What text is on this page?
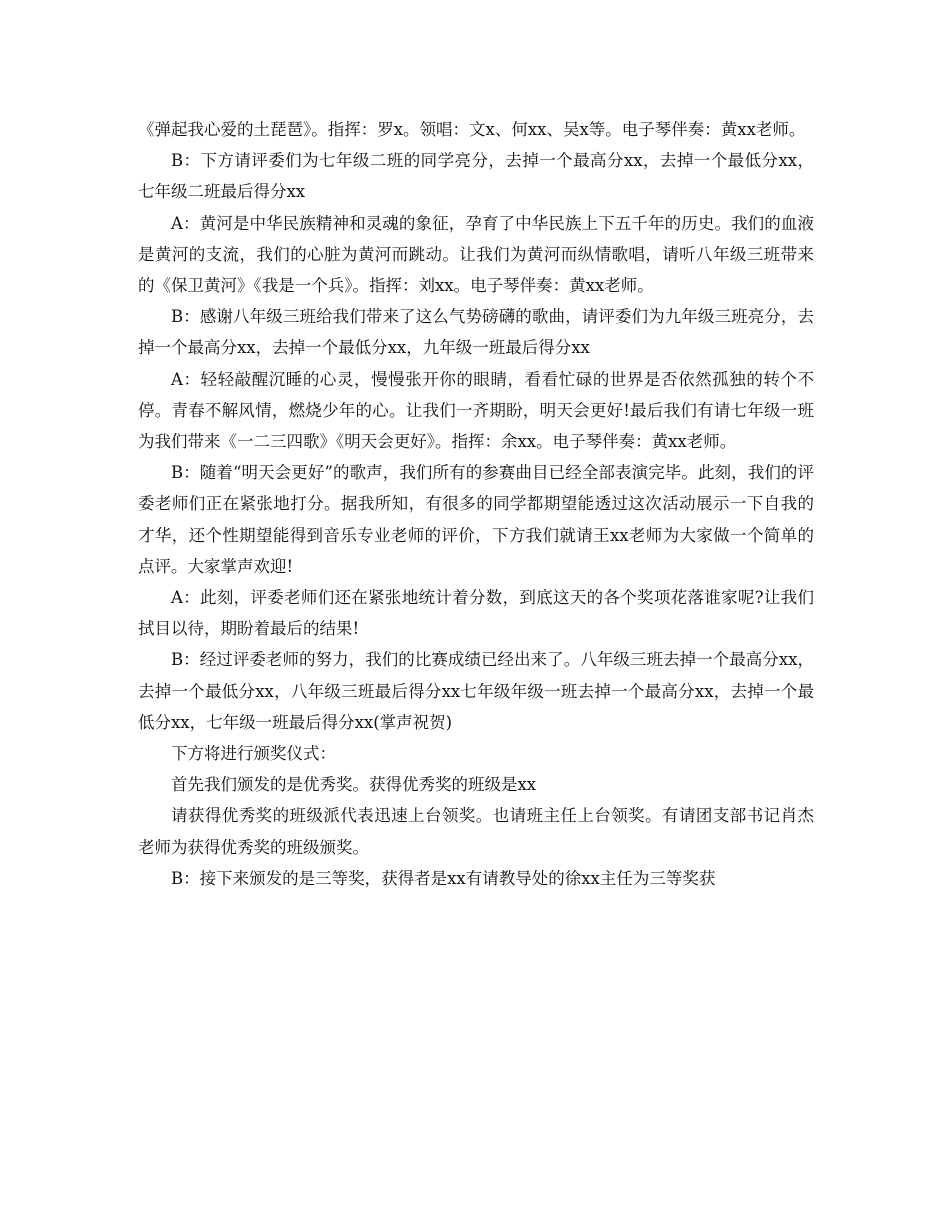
《弹起我心爱的土琵琶》。指挥：罗x。领唱：文x、何xx、吴x等。电子琴伴奏：黄xx老师。

B：下方请评委们为七年级二班的同学亮分，去掉一个最高分xx，去掉一个最低分xx，七年级二班最后得分xx

A：黄河是中华民族精神和灵魂的象征，孕育了中华民族上下五千年的历史。我们的血液是黄河的支流，我们的心脏为黄河而跳动。让我们为黄河而纵情歌唱，请听八年级三班带来的《保卫黄河》《我是一个兵》。指挥：刘xx。电子琴伴奏：黄xx老师。

B：感谢八年级三班给我们带来了这么气势磅礴的歌曲，请评委们为九年级三班亮分，去掉一个最高分xx，去掉一个最低分xx，九年级一班最后得分xx

A：轻轻敲醒沉睡的心灵，慢慢张开你的眼睛，看看忙碌的世界是否依然孤独的转个不停。青春不解风情，燃烧少年的心。让我们一齐期盼，明天会更好!最后我们有请七年级一班为我们带来《一二三四歌》《明天会更好》。指挥：余xx。电子琴伴奏：黄xx老师。

B：随着“明天会更好”的歌声，我们所有的参赛曲目已经全部表演完毕。此刻，我们的评委老师们正在紧张地打分。据我所知，有很多的同学都期望能透过这次活动展示一下自我的才华，还个性期望能得到音乐专业老师的评价，下方我们就请王xx老师为大家做一个简单的点评。大家掌声欢迎!

A：此刻，评委老师们还在紧张地统计着分数，到底这天的各个奖项花落谁家呢?让我们拭目以待，期盼着最后的结果!

B：经过评委老师的努力，我们的比赛成绩已经出来了。八年级三班去掉一个最高分xx，去掉一个最低分xx，八年级三班最后得分xx七年级年级一班去掉一个最高分xx，去掉一个最低分xx，七年级一班最后得分xx(掌声祝贺)

下方将进行颁奖仪式：

首先我们颁发的是优秀奖。获得优秀奖的班级是xx

请获得优秀奖的班级派代表迅速上台领奖。也请班主任上台领奖。有请团支部书记肖杰老师为获得优秀奖的班级颁奖。

B：接下来颁发的是三等奖，获得者是xx有请教导处的徐xx主任为三等奖获
